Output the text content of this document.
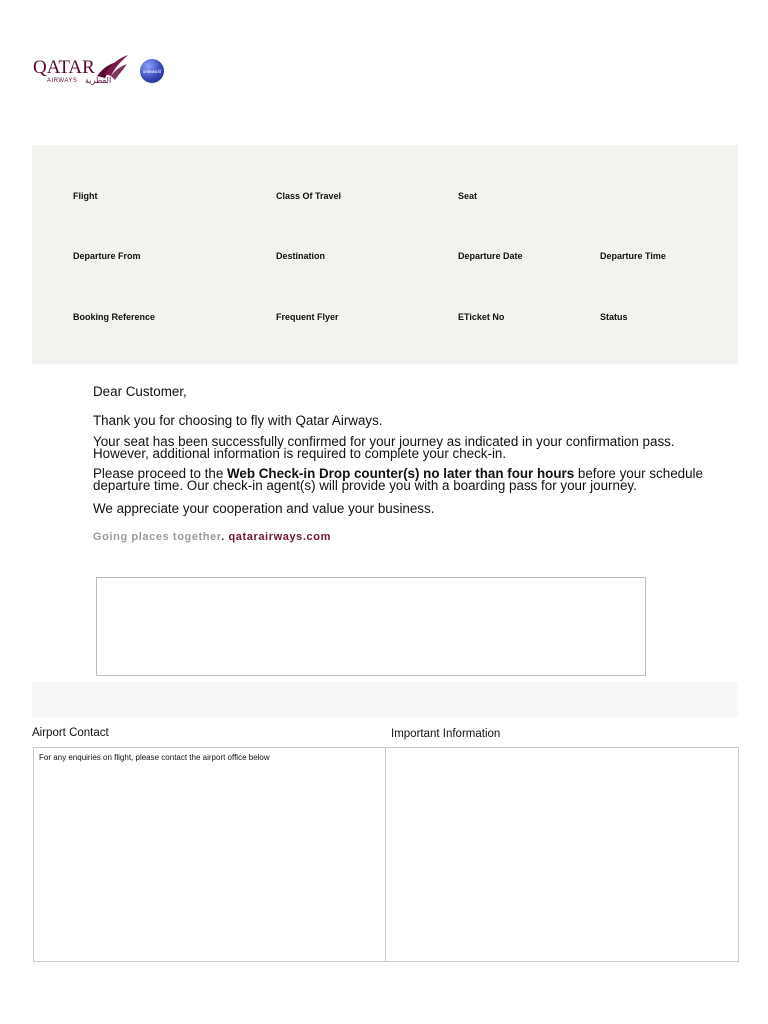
QATAR
AIRWAYS القطرية
oneworld
Flight	Class Of Travel	Seat
Departure From	Destination	Departure Date	Departure Time
Booking Reference	Frequent Flyer	ETicket No	Status

Dear Customer,

Thank you for choosing to fly with Qatar Airways.

Your seat has been successfully confirmed for your journey as indicated in your confirmation pass. However, additional information is required to complete your check-in.

Please proceed to the Web Check-in Drop counter(s) no later than four hours before your schedule departure time. Our check-in agent(s) will provide you with a boarding pass for your journey.

We appreciate your cooperation and value your business.

Going places together. qatarairways.com

Airport Contact	Important Information
For any enquiries on flight, please contact the airport office below
